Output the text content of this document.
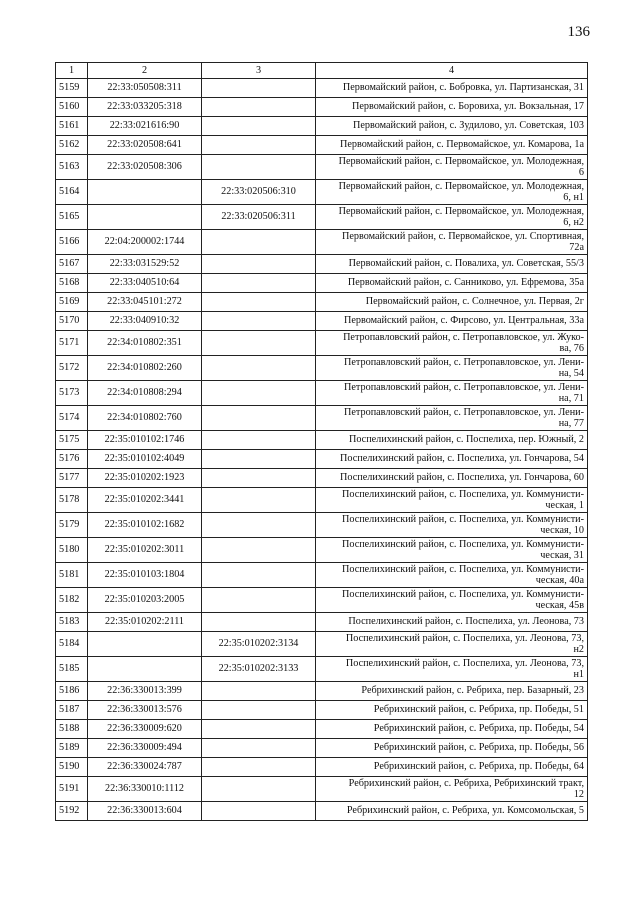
136
1	2	3	4
5159	22:33:050508:311		Первомайский район, с. Бобровка, ул. Партизанская, 31
5160	22:33:033205:318		Первомайский район, с. Боровиха, ул. Вокзальная, 17
5161	22:33:021616:90		Первомайский район, с. Зудилово, ул. Советская, 103
5162	22:33:020508:641		Первомайский район, с. Первомайское, ул. Комарова, 1а
5163	22:33:020508:306		Первомайский район, с. Первомайское, ул. Молодежная,
6
5164		22:33:020506:310	Первомайский район, с. Первомайское, ул. Молодежная,
6, н1
5165		22:33:020506:311	Первомайский район, с. Первомайское, ул. Молодежная,
6, н2
5166	22:04:200002:1744		Первомайский район, с. Первомайское, ул. Спортивная,
72а
5167	22:33:031529:52		Первомайский район, с. Повалиха, ул. Советская, 55/3
5168	22:33:040510:64		Первомайский район, с. Санниково, ул. Ефремова, 35а
5169	22:33:045101:272		Первомайский район, с. Солнечное, ул. Первая, 2г
5170	22:33:040910:32		Первомайский район, с. Фирсово, ул. Центральная, 33а
5171	22:34:010802:351		Петропавловский район, с. Петропавловское, ул. Жуко-
ва, 76
5172	22:34:010802:260		Петропавловский район, с. Петропавловское, ул. Лени-
на, 54
5173	22:34:010808:294		Петропавловский район, с. Петропавловское, ул. Лени-
на, 71
5174	22:34:010802:760		Петропавловский район, с. Петропавловское, ул. Лени-
на, 77
5175	22:35:010102:1746		Поспелихинский район, с. Поспелиха, пер. Южный, 2
5176	22:35:010102:4049		Поспелихинский район, с. Поспелиха, ул. Гончарова, 54
5177	22:35:010202:1923		Поспелихинский район, с. Поспелиха, ул. Гончарова, 60
5178	22:35:010202:3441		Поспелихинский район, с. Поспелиха, ул. Коммунисти-
ческая, 1
5179	22:35:010102:1682		Поспелихинский район, с. Поспелиха, ул. Коммунисти-
ческая, 10
5180	22:35:010202:3011		Поспелихинский район, с. Поспелиха, ул. Коммунисти-
ческая, 31
5181	22:35:010103:1804		Поспелихинский район, с. Поспелиха, ул. Коммунисти-
ческая, 40а
5182	22:35:010203:2005		Поспелихинский район, с. Поспелиха, ул. Коммунисти-
ческая, 45в
5183	22:35:010202:2111		Поспелихинский район, с. Поспелиха, ул. Леонова, 73
5184		22:35:010202:3134	Поспелихинский район, с. Поспелиха, ул. Леонова, 73,
н2
5185		22:35:010202:3133	Поспелихинский район, с. Поспелиха, ул. Леонова, 73,
н1
5186	22:36:330013:399		Ребрихинский район, с. Ребриха, пер. Базарный, 23
5187	22:36:330013:576		Ребрихинский район, с. Ребриха, пр. Победы, 51
5188	22:36:330009:620		Ребрихинский район, с. Ребриха, пр. Победы, 54
5189	22:36:330009:494		Ребрихинский район, с. Ребриха, пр. Победы, 56
5190	22:36:330024:787		Ребрихинский район, с. Ребриха, пр. Победы, 64
5191	22:36:330010:1112		Ребрихинский район, с. Ребриха, Ребрихинский тракт,
12
5192	22:36:330013:604		Ребрихинский район, с. Ребриха, ул. Комсомольская, 5
